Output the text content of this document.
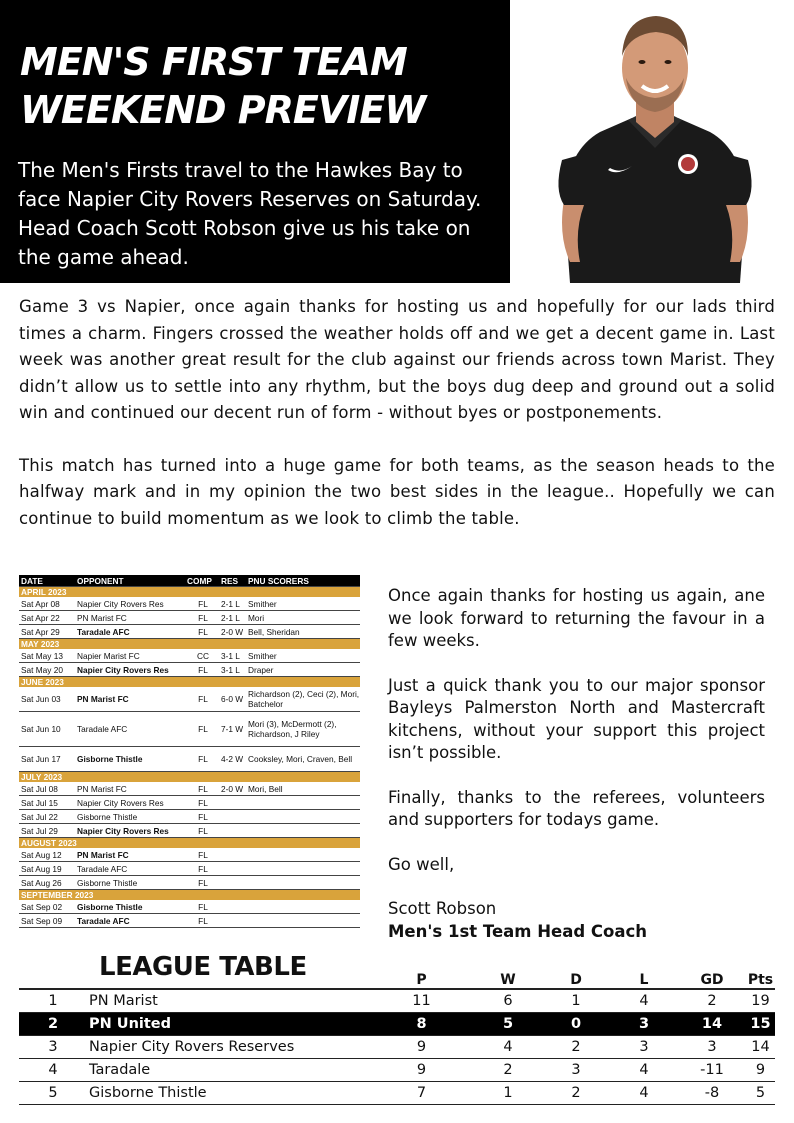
MEN'S FIRST TEAM
WEEKEND PREVIEW

The Men's Firsts travel to the Hawkes Bay to face Napier City Rovers Reserves on Saturday. Head Coach Scott Robson give us his take on the game ahead.

Game 3 vs Napier, once again thanks for hosting us and hopefully for our lads third times a charm. Fingers crossed the weather holds off and we get a decent game in. Last week was another great result for the club against our friends across town Marist. They didn’t allow us to settle into any rhythm, but the boys dug deep and ground out a solid win and continued our decent run of form - without byes or postponements.

This match has turned into a huge game for both teams, as the season heads to the halfway mark and in my opinion the two best sides in the league.. Hopefully we can continue to build momentum as we look to climb the table.

DATE	OPPONENT	COMP	RES	PNU SCORERS
APRIL 2023				
Sat Apr 08	Napier City Rovers Res	FL	2-1 L	Smither
Sat Apr 22	PN Marist FC	FL	2-1 L	Mori
Sat Apr 29	Taradale AFC	FL	2-0 W	Bell, Sheridan
MAY 2023				
Sat May 13	Napier Marist FC	CC	3-1 L	Smither
Sat May 20	Napier City Rovers Res	FL	3-1 L	Draper
JUNE 2023				
Sat Jun 03	PN Marist FC	FL	6-0 W	Richardson (2), Ceci (2), Mori, Batchelor
Sat Jun 10	Taradale AFC	FL	7-1 W	Mori (3), McDermott (2), Richardson, J Riley
Sat Jun 17	Gisborne Thistle	FL	4-2 W	Cooksley, Mori, Craven, Bell
JULY 2023				
Sat Jul 08	PN Marist FC	FL	2-0 W	Mori, Bell
Sat Jul 15	Napier City Rovers Res	FL		
Sat Jul 22	Gisborne Thistle	FL		
Sat Jul 29	Napier City Rovers Res	FL		
AUGUST 2023				
Sat Aug 12	PN Marist FC	FL		
Sat Aug 19	Taradale AFC	FL		
Sat Aug 26	Gisborne Thistle	FL		
SEPTEMBER 2023				
Sat Sep 02	Gisborne Thistle	FL		
Sat Sep 09	Taradale AFC	FL		

Once again thanks for hosting us again, ane we look forward to returning the favour in a few weeks.

Just a quick thank you to our major sponsor Bayleys Palmerston North and Mastercraft kitchens, without your support this project isn’t possible.

Finally, thanks to the referees, volunteers and supporters for todays game.

Go well,

Scott Robson

Men's 1st Team Head Coach

LEAGUE TABLE
			P	W	D	L	GD	Pts
1	PN Marist	11	6	1	4	2	19
2	PN United	8	5	0	3	14	15
3	Napier City Rovers Reserves	9	4	2	3	3	14
4	Taradale	9	2	3	4	-11	9
5	Gisborne Thistle	7	1	2	4	-8	5
